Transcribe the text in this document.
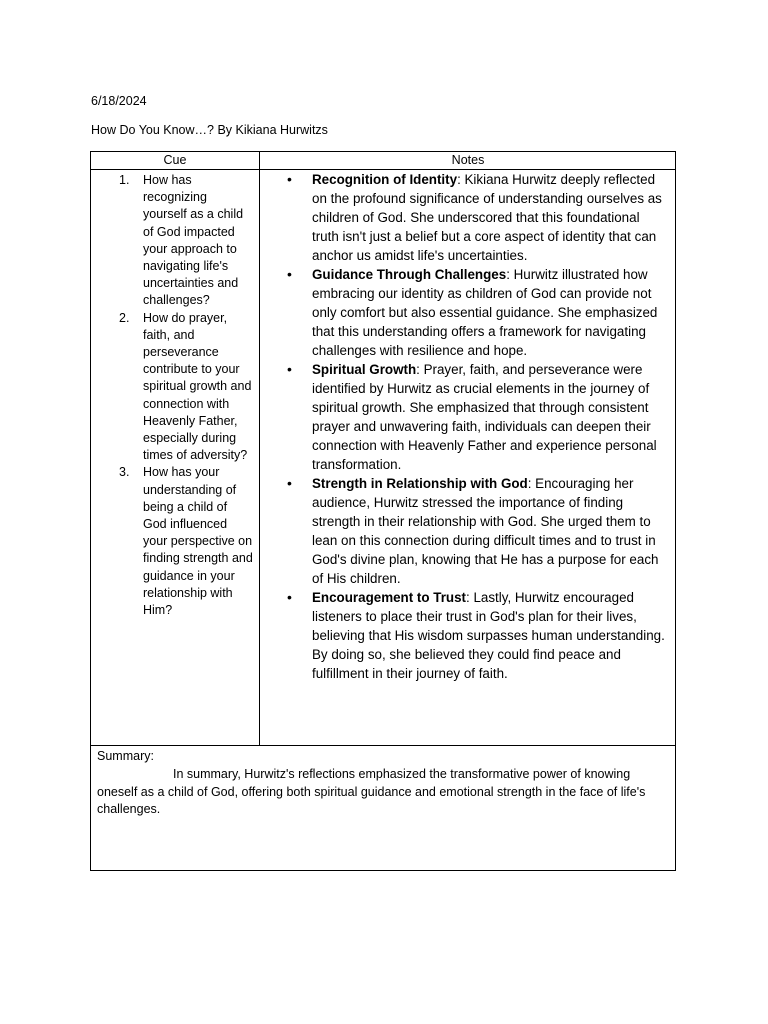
6/18/2024
How Do You Know…? By Kikiana Hurwitzs
Cue	Notes
1. How has recognizing yourself as a child of God impacted your approach to navigating life's uncertainties and challenges?
2. How do prayer, faith, and perseverance contribute to your spiritual growth and connection with Heavenly Father, especially during times of adversity?
3. How has your understanding of being a child of God influenced your perspective on finding strength and guidance in your relationship with Him?
• Recognition of Identity: Kikiana Hurwitz deeply reflected on the profound significance of understanding ourselves as children of God. She underscored that this foundational truth isn't just a belief but a core aspect of identity that can anchor us amidst life's uncertainties.
• Guidance Through Challenges: Hurwitz illustrated how embracing our identity as children of God can provide not only comfort but also essential guidance. She emphasized that this understanding offers a framework for navigating challenges with resilience and hope.
• Spiritual Growth: Prayer, faith, and perseverance were identified by Hurwitz as crucial elements in the journey of spiritual growth. She emphasized that through consistent prayer and unwavering faith, individuals can deepen their connection with Heavenly Father and experience personal transformation.
• Strength in Relationship with God: Encouraging her audience, Hurwitz stressed the importance of finding strength in their relationship with God. She urged them to lean on this connection during difficult times and to trust in God's divine plan, knowing that He has a purpose for each of His children.
• Encouragement to Trust: Lastly, Hurwitz encouraged listeners to place their trust in God's plan for their lives, believing that His wisdom surpasses human understanding. By doing so, she believed they could find peace and fulfillment in their journey of faith.
Summary:
In summary, Hurwitz's reflections emphasized the transformative power of knowing oneself as a child of God, offering both spiritual guidance and emotional strength in the face of life's challenges.
